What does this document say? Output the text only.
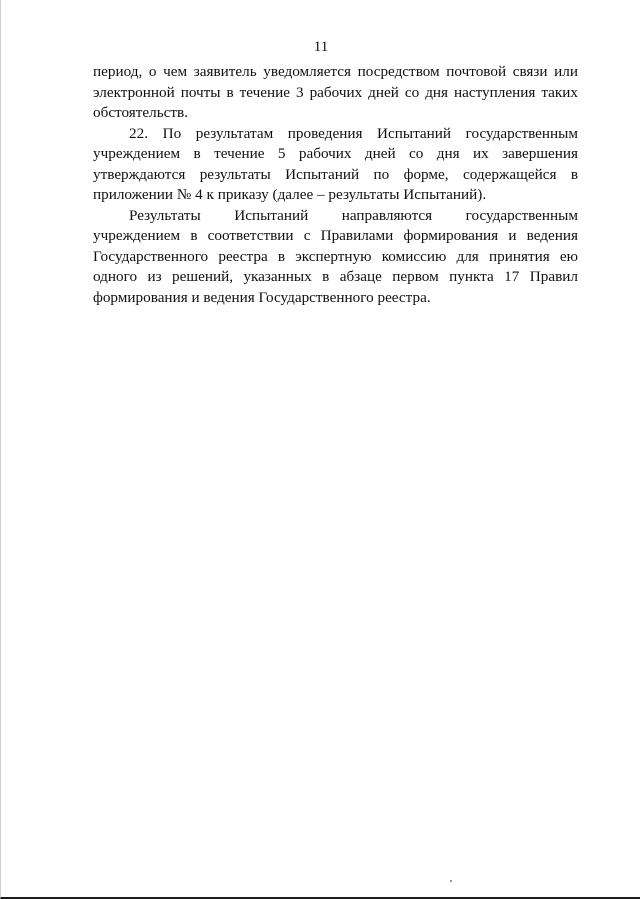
11

период, о чем заявитель уведомляется посредством почтовой связи или электронной почты в течение 3 рабочих дней со дня наступления таких обстоятельств.

22. По результатам проведения Испытаний государственным учреждением в течение 5 рабочих дней со дня их завершения утверждаются результаты Испытаний по форме, содержащейся в приложении № 4 к приказу (далее – результаты Испытаний).

Результаты Испытаний направляются государственным учреждением в соответствии с Правилами формирования и ведения Государственного реестра в экспертную комиссию для принятия ею одного из решений, указанных в абзаце первом пункта 17 Правил формирования и ведения Государственного реестра.
